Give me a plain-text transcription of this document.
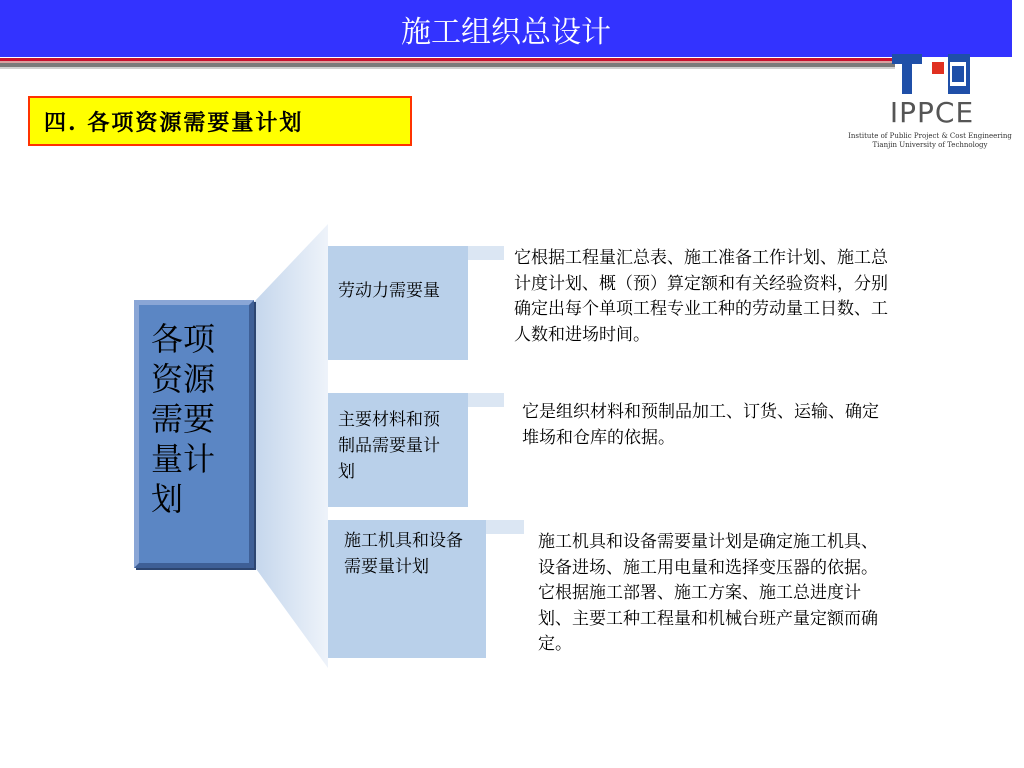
施工组织总设计
IPPCE
Institute of Public Project & Cost Engineering
Tianjin University of Technology
四. 各项资源需要量计划
各项资源需要量计划
劳动力需要量
它根据工程量汇总表、施工准备工作计划、施工总计度计划、概（预）算定额和有关经验资料，分别确定出每个单项工程专业工种的劳动量工日数、工人数和进场时间。
主要材料和预制品需要量计划
它是组织材料和预制品加工、订货、运输、确定堆场和仓库的依据。
施工机具和设备需要量计划
施工机具和设备需要量计划是确定施工机具、设备进场、施工用电量和选择变压器的依据。它根据施工部署、施工方案、施工总进度计划、主要工种工程量和机械台班产量定额而确定。
